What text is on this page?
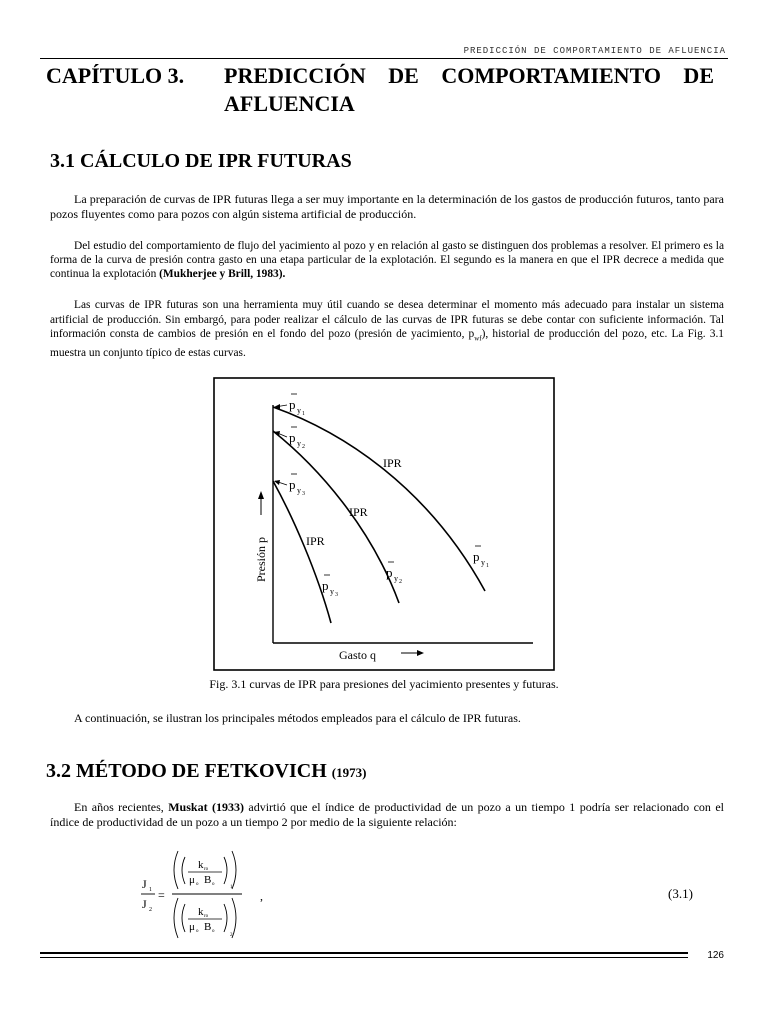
PREDICCIÓN DE COMPORTAMIENTO DE AFLUENCIA
CAPÍTULO 3. PREDICCIÓN DE COMPORTAMIENTO DE
AFLUENCIA
3.1 CÁLCULO DE IPR FUTURAS

La preparación de curvas de IPR futuras llega a ser muy importante en la determinación de los gastos de producción futuros, tanto para pozos fluyentes como para pozos con algún sistema artificial de producción.

Del estudio del comportamiento de flujo del yacimiento al pozo y en relación al gasto se distinguen dos problemas a resolver. El primero es la forma de la curva de presión contra gasto en una etapa particular de la explotación. El segundo es la manera en que el IPR decrece a medida que continua la explotación (Mukherjee y Brill, 1983).

Las curvas de IPR futuras son una herramienta muy útil cuando se desea determinar el momento más adecuado para instalar un sistema artificial de producción. Sin embargó, para poder realizar el cálculo de las curvas de IPR futuras se debe contar con suficiente información. Tal información consta de cambios de presión en el fondo del pozo (presión de yacimiento, $p_{wf}$), historial de producción del pozo, etc. La Fig. 3.1 muestra un conjunto típico de estas curvas.

Presión p
Gasto q
p y 1
p y 2
p y 3
IPR
IPR
IPR
p y 1
p y 2
p y 3

Fig. 3.1 curvas de IPR para presiones del yacimiento presentes y futuras.

A continuación, se ilustran los principales métodos empleados para el cálculo de IPR futuras.

3.2 MÉTODO DE FETKOVICH (1973)

En años recientes, Muskat (1933) advirtió que el índice de productividad de un pozo a un tiempo 1 podría ser relacionado con el índice de productividad de un pozo a un tiempo 2 por medio de la siguiente relación:

J 1
J 2
=
k ro
μ o B o
1
k ro
μ o B o
2
,	(3.1)
126
